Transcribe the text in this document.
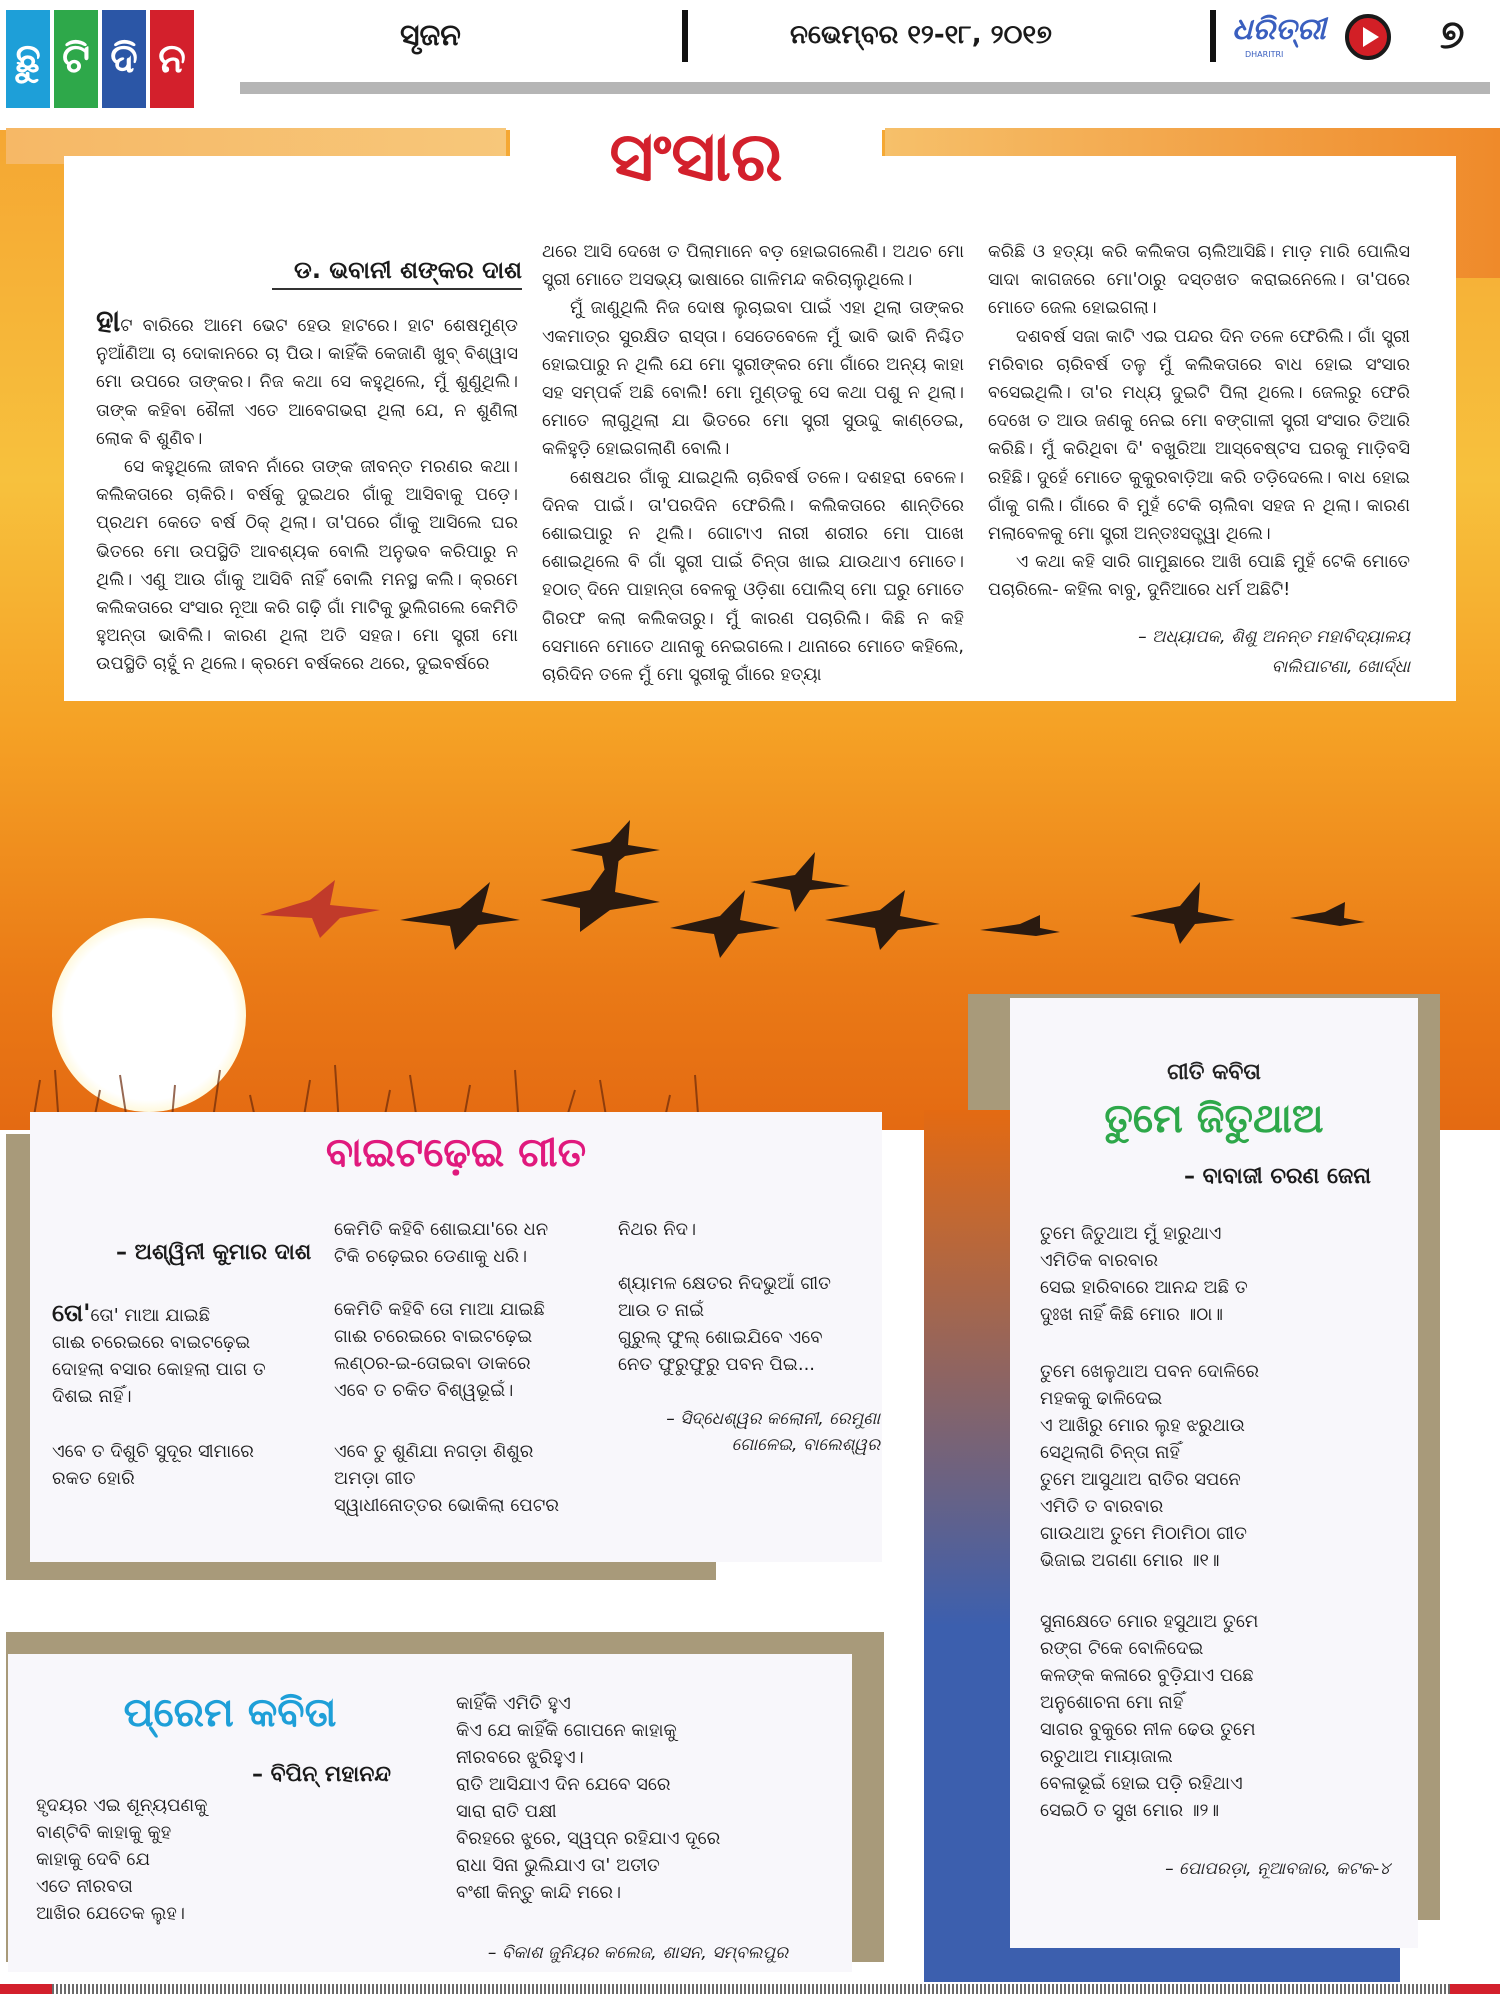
ଛୁ ଟି ଦି ନ
ସୃଜନ	ନଭେମ୍ବର ୧୨-୧୮, ୨୦୧୭	ଧରିତ୍ରୀ
DHARITRI	୭
ସଂସାର
ଡ. ଭବାନୀ ଶଙ୍କର ଦାଶ

ହାଟ ବାରିରେ ଆମେ ଭେଟ ହେଉ ହାଟରେ। ହାଟ ଶେଷମୁଣ୍ଡ ନୁଆଁଣିଆ ଚା ଦୋକାନରେ ଚା ପିଉ। କାହିଁକି କେଜାଣି ଖୁବ୍ ବିଶ୍ୱାସ ମୋ ଉପରେ ତାଙ୍କର। ନିଜ କଥା ସେ କହୁଥିଲେ, ମୁଁ ଶୁଣୁଥିଲି। ତାଙ୍କ କହିବା ଶୈଳୀ ଏତେ ଆବେଗଭରା ଥିଲା ଯେ, ନ ଶୁଣିଲା ଲୋକ ବି ଶୁଣିବ।

ସେ କହୁଥିଲେ ଜୀବନ ନାଁରେ ତାଙ୍କ ଜୀବନ୍ତ ମରଣର କଥା। କଲିକତାରେ ଚାକିରି। ବର୍ଷକୁ ଦୁଇଥର ଗାଁକୁ ଆସିବାକୁ ପଡ଼େ। ପ୍ରଥମ କେତେ ବର୍ଷ ଠିକ୍ ଥିଲା। ତା'ପରେ ଗାଁକୁ ଆସିଲେ ଘର ଭିତରେ ମୋ ଉପସ୍ଥିତି ଆବଶ୍ୟକ ବୋଲି ଅନୁଭବ କରିପାରୁ ନ ଥିଲି। ଏଣୁ ଆଉ ଗାଁକୁ ଆସିବି ନାହିଁ ବୋଲି ମନସ୍ଥ କଲି। କ୍ରମେ କଲିକତାରେ ସଂସାର ନୂଆ କରି ଗଢ଼ି ଗାଁ ମାଟିକୁ ଭୁଲିଗଲେ କେମିତି ହୁଅନ୍ତା ଭାବିଲି। କାରଣ ଥିଲା ଅତି ସହଜ। ମୋ ସ୍ତ୍ରୀ ମୋ ଉପସ୍ଥିତି ଚାହୁଁ ନ ଥିଲେ। କ୍ରମେ ବର୍ଷକରେ ଥରେ, ଦୁଇବର୍ଷରେ

ଥରେ ଆସି ଦେଖେ ତ ପିଲାମାନେ ବଡ଼ ହୋଇଗଲେଣି। ଅଥଚ ମୋ ସ୍ତ୍ରୀ ମୋତେ ଅସଭ୍ୟ ଭାଷାରେ ଗାଳିମନ୍ଦ କରିଚାଲୁଥିଲେ।

ମୁଁ ଜାଣୁଥିଲି ନିଜ ଦୋଷ ଲୁଚାଇବା ପାଇଁ ଏହା ଥିଲା ତାଙ୍କର ଏକମାତ୍ର ସୁରକ୍ଷିତ ରାସ୍ତା। ସେତେବେଳେ ମୁଁ ଭାବି ଭାବି ନିଶ୍ଚିତ ହୋଇପାରୁ ନ ଥିଲି ଯେ ମୋ ସ୍ତ୍ରୀଙ୍କର ମୋ ଗାଁରେ ଅନ୍ୟ କାହା ସହ ସମ୍ପର୍କ ଅଛି ବୋଲି! ମୋ ମୁଣ୍ଡକୁ ସେ କଥା ପଶୁ ନ ଥିଲା। ମୋତେ ଲାଗୁଥିଲା ଯା ଭିତରେ ମୋ ସ୍ତ୍ରୀ ସୁଉଦ୍ଦୁ କାଣ୍ଡେଇ, କଳିହୁଡ଼ି ହୋଇଗଲାଣି ବୋଲି।

ଶେଷଥର ଗାଁକୁ ଯାଇଥିଲି ଚାରିବର୍ଷ ତଳେ। ଦଶହରା ବେଳେ। ଦିନକ ପାଇଁ। ତା'ପରଦିନ ଫେରିଲି। କଲିକତାରେ ଶାନ୍ତିରେ ଶୋଇପାରୁ ନ ଥିଲି। ଗୋଟାଏ ନାରୀ ଶରୀର ମୋ ପାଖେ ଶୋଇଥିଲେ ବି ଗାଁ ସ୍ତ୍ରୀ ପାଇଁ ଚିନ୍ତା ଖାଇ ଯାଉଥାଏ ମୋତେ। ହଠାତ୍ ଦିନେ ପାହାନ୍ତା ବେଳକୁ ଓଡ଼ିଶା ପୋଲିସ୍ ମୋ ଘରୁ ମୋତେ ଗିରଫ କଲା କଲିକତାରୁ। ମୁଁ କାରଣ ପଚାରିଲି। କିଛି ନ କହି ସେମାନେ ମୋତେ ଥାନାକୁ ନେଇଗଲେ। ଥାନାରେ ମୋତେ କହିଲେ, ଚାରିଦିନ ତଳେ ମୁଁ ମୋ ସ୍ତ୍ରୀକୁ ଗାଁରେ ହତ୍ୟା

କରିଛି ଓ ହତ୍ୟା କରି କଲିକତା ଚାଲିଆସିଛି। ମାଡ଼ ମାରି ପୋଲିସ ସାଦା କାଗଜରେ ମୋ'ଠାରୁ ଦସ୍ତଖତ କରାଇନେଲେ। ତା'ପରେ ମୋତେ ଜେଲ ହୋଇଗଲା।

ଦଶବର୍ଷ ସଜା କାଟି ଏଇ ପନ୍ଦର ଦିନ ତଳେ ଫେରିଲି। ଗାଁ ସ୍ତ୍ରୀ ମରିବାର ଚାରିବର୍ଷ ତଳୁ ମୁଁ କଲିକତାରେ ବାଧ ହୋଇ ସଂସାର ବସେଇଥିଲି। ତା'ର ମଧ୍ୟ ଦୁଇଟି ପିଲା ଥିଲେ। ଜେଲରୁ ଫେରି ଦେଖେ ତ ଆଉ ଜଣକୁ ନେଇ ମୋ ବଙ୍ଗାଳୀ ସ୍ତ୍ରୀ ସଂସାର ତିଆରି କରିଛି। ମୁଁ କରିଥିବା ଦି' ବଖୁରିଆ ଆସ୍ବେଷ୍ଟସ ଘରକୁ ମାଡ଼ିବସି ରହିଛି। ଦୁହେଁ ମୋତେ କୁକୁରବାଡ଼ିଆ କରି ତଡ଼ିଦେଲେ। ବାଧ ହୋଇ ଗାଁକୁ ଗଲି। ଗାଁରେ ବି ମୁହଁ ଟେକି ଚାଲିବା ସହଜ ନ ଥିଲା। କାରଣ ମଲାବେଳକୁ ମୋ ସ୍ତ୍ରୀ ଅନ୍ତଃସତ୍ତ୍ୱା ଥିଲେ।

ଏ କଥା କହି ସାରି ଗାମୁଛାରେ ଆଖି ପୋଛି ମୁହଁ ଟେକି ମୋତେ ପଚାରିଲେ- କହିଲ ବାବୁ, ଦୁନିଆରେ ଧର୍ମ ଅଛିଟି!

– ଅଧ୍ୟାପକ, ଶିଶୁ ଅନନ୍ତ ମହାବିଦ୍ୟାଳୟ
ବାଲିପାଟଣା, ଖୋର୍ଦ୍ଧା
ବାଇଟଢ଼େଇ ଗୀତ
– ଅଶ୍ୱିନୀ କୁମାର ଦାଶ
ତୋ'ତୋ' ମାଆ ଯାଇଛି
ଗାଈ ଚରେଇରେ ବାଇଟଢ଼େଇ
ଦୋହଲା ବସାର କୋହଲା ପାଗ ତ
ଦିଶଇ ନାହିଁ।
ଏବେ ତ ଦିଶୁଚି ସୁଦୂର ସୀମାରେ
ରକତ ହୋରି
କେମିତି କହିବି ଶୋଇଯା'ରେ ଧନ
ଟିକି ଚଢ଼େଇର ଡେଣାକୁ ଧରି।
କେମିତି କହିବି ତୋ ମାଆ ଯାଇଛି
ଗାଈ ଚରେଇରେ ବାଇଟଢ଼େଇ
ଲଣ୍ଠର-ଇ-ତୋଇବା ଡାକରେ
ଏବେ ତ ଚକିତ ବିଶ୍ୱଭୂଇଁ।
ଏବେ ତୁ ଶୁଣିଯା ନଗଡ଼ା ଶିଶୁର
ଅମଡ଼ା ଗୀତ
ସ୍ୱାଧୀନୋତ୍ତର ଭୋକିଲା ପେଟର
ନିଥର ନିଦ।
ଶ୍ୟାମଳ କ୍ଷେତର ନିଦଭୁଆଁ ଗୀତ
ଆଉ ତ ନାଇଁ
ଗୁରୁଲ୍ ଫୁଲ୍ ଶୋଇଯିବେ ଏବେ
ନେତ ଫୁରୁଫୁରୁ ପବନ ପିଇ...
– ସିଦ୍ଧେଶ୍ୱର କଲୋନୀ, ରେମୁଣା
ଗୋଳେଇ, ବାଲେଶ୍ୱର
ଗୀତି କବିତା
ତୁମେ ଜିତୁଥାଅ
– ବାବାଜୀ ଚରଣ ଜେନା
ତୁମେ ଜିତୁଥାଅ ମୁଁ ହାରୁଥାଏ
ଏମିତିକ ବାରବାର
ସେଇ ହାରିବାରେ ଆନନ୍ଦ ଅଛି ତ
ଦୁଃଖ ନାହିଁ କିଛି ମୋର ॥ଠା॥
ତୁମେ ଖେଳୁଥାଅ ପବନ ଦୋଳିରେ
ମହକକୁ ଢାଳିଦେଇ
ଏ ଆଖିରୁ ମୋର ଲୁହ ଝରୁଥାଉ
ସେଥିଲାଗି ଚିନ୍ତା ନାହିଁ
ତୁମେ ଆସୁଥାଅ ରାତିର ସପନେ
ଏମିତି ତ ବାରବାର
ଗାଉଥାଅ ତୁମେ ମିଠାମିଠା ଗୀତ
ଭିଜାଇ ଅଗଣା ମୋର ॥୧॥
ସୁନାକ୍ଷେତେ ମୋର ହସୁଥାଅ ତୁମେ
ରଙ୍ଗ ଟିକେ ବୋଳିଦେଇ
କଳଙ୍କ କଳାରେ ବୁଡ଼ିଯାଏ ପଛେ
ଅନୁଶୋଚନା ମୋ ନାହିଁ
ସାଗର ବୁକୁରେ ନୀଳ ଢେଉ ତୁମେ
ରଚୁଥାଅ ମାୟାଜାଲ
ବେଳାଭୂଇଁ ହୋଇ ପଡ଼ି ରହିଥାଏ
ସେଇଠି ତ ସୁଖ ମୋର ॥୨॥
– ପୋପରଡ଼ା, ନୂଆବଜାର, କଟକ-୪
ପ୍ରେମ କବିତା
– ବିପିନ୍ ମହାନନ୍ଦ
ହୃଦୟର ଏଇ ଶୂନ୍ୟପଣକୁ
ବାଣ୍ଟିବି କାହାକୁ କୁହ
କାହାକୁ ଦେବି ଯେ
ଏତେ ନୀରବତା
ଆଖିର ଯେତେକ ଲୁହ।
କାହିଁକି ଏମିତି ହୁଏ
କିଏ ଯେ କାହିଁକି ଗୋପନେ କାହାକୁ
ନୀରବରେ ଝୁରିହୁଏ।
ରାତି ଆସିଯାଏ ଦିନ ଯେବେ ସରେ
ସାରା ରାତି ପକ୍ଷୀ
ବିରହରେ ଝୁରେ, ସ୍ୱପ୍ନ ରହିଯାଏ ଦୂରେ
ରାଧା ସିନା ଭୁଲିଯାଏ ତା' ଅତୀତ
ବଂଶୀ କିନ୍ତୁ କାନ୍ଦି ମରେ।
– ବିକାଶ ଜୁନିୟର କଲେଜ, ଶାସନ, ସମ୍ବଲପୁର
